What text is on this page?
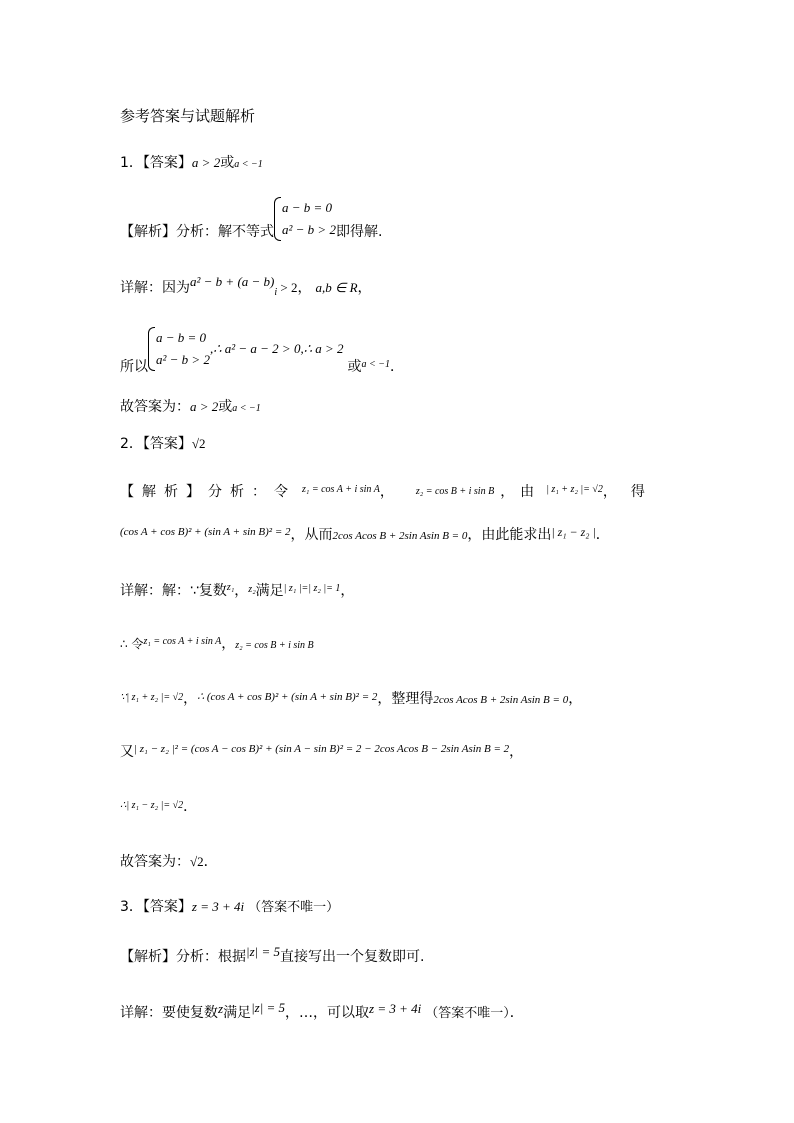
参考答案与试题解析
1．【答案】a > 2或a < −1
【解析】分析：解不等式
a − b = 0
a² − b > 2 即得解.
详解：因为$a^2 - b + (a - b)_i > 2$， a,b ∈ R，
所以
a − b = 0
a² − b > 2
,∴ a² − a − 2 > 0,∴ a > 2或$_{a < -1}$．
故答案为：a > 2或a < −1
2．【答案】√2
【解析】分析：令 $^{z_1 = cos A + i sin A}$， z₂ = cos B + i sin B ，由 $^{| z_1 + z_2 |= √2}$，得
$^{(cos A + cos B)^2 + (sin A + sin B)^2 = 2}$，从而2cos Acos B + 2sin Asin B = 0，由此能求出| z₁ − z₂ |．
详解：解：∵复数$^{z_1}$，$^{z_2}$满足$^{| z_1 |=| z_2 |= 1}$，
∴ 令$^{z_1 = cos A + i sin A}$，z₂ = cos B + i sin B
$^{\because| z_1 + z_2 |= √2}$，$^{\therefore (cos A + cos B)^2 + (sin A + sin B)^2 = 2}$，整理得2cos Acos B + 2sin Asin B = 0，
又$^{| z_1 - z_2 |^2 = (cos A - cos B)^2 + (sin A - sin B)^2 = 2 - 2cos Acos B - 2sin Asin B = 2}$，
$^{\therefore| z_1 - z_2 |= √2}$．
故答案为：√2．
3．【答案】z = 3 + 4i （答案不唯一）
【解析】分析：根据|z| = 5直接写出一个复数即可.
详解：要使复数z满足|z| = 5，…，可以取z = 3 + 4i （答案不唯一）．
